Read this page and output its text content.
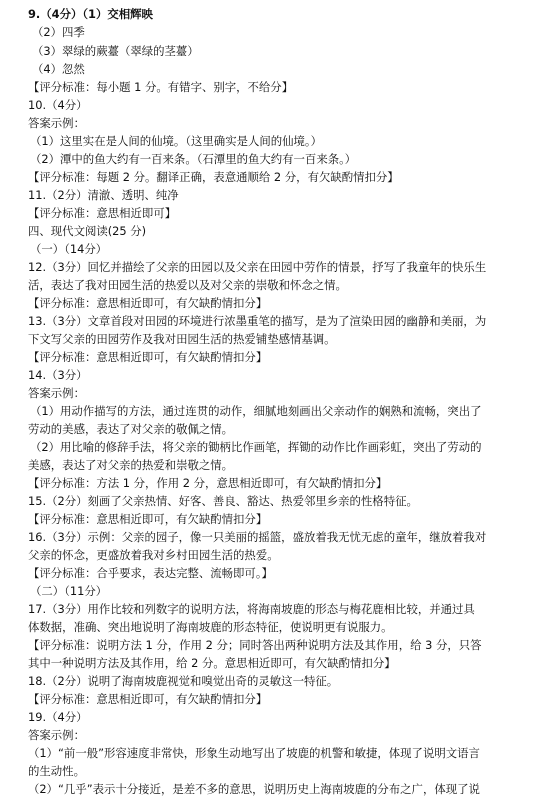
9.（4分）（1）交相辉映
（2）四季
（3）翠绿的蕨薹（翠绿的茎薹）
（4）忽然
【评分标准：每小题 1 分。有错字、别字，不给分】
10.（4分）
答案示例：
（1）这里实在是人间的仙境。（这里确实是人间的仙境。）
（2）潭中的鱼大约有一百来条。（石潭里的鱼大约有一百来条。）
【评分标准：每题 2 分。翻译正确，表意通顺给 2 分，有欠缺酌情扣分】
11.（2分）清澈、透明、纯净
【评分标准：意思相近即可】
四、现代文阅读(25 分)
（一）（14分）
12.（3分）回忆并描绘了父亲的田园以及父亲在田园中劳作的情景，抒写了我童年的快乐生
活，表达了我对田园生活的热爱以及对父亲的崇敬和怀念之情。
【评分标准：意思相近即可，有欠缺酌情扣分】
13.（3分）文章首段对田园的环境进行浓墨重笔的描写，是为了渲染田园的幽静和美丽，为
下文写父亲的田园劳作及我对田园生活的热爱铺垫感情基调。
【评分标准：意思相近即可，有欠缺酌情扣分】
14.（3分）
答案示例：
（1）用动作描写的方法，通过连贯的动作，细腻地刻画出父亲动作的娴熟和流畅，突出了
劳动的美感，表达了对父亲的敬佩之情。
（2）用比喻的修辞手法，将父亲的锄柄比作画笔，挥锄的动作比作画彩虹，突出了劳动的
美感，表达了对父亲的热爱和崇敬之情。
【评分标准：方法 1 分，作用 2 分，意思相近即可，有欠缺酌情扣分】
15.（2分）刻画了父亲热情、好客、善良、豁达、热爱邻里乡亲的性格特征。
【评分标准：意思相近即可，有欠缺酌情扣分】
16.（3分）示例：父亲的园子，像一只美丽的摇篮，盛放着我无忧无虑的童年，继放着我对
父亲的怀念，更盛放着我对乡村田园生活的热爱。
【评分标准：合乎要求，表达完整、流畅即可。】
（二）（11分）
17.（3分）用作比较和列数字的说明方法，将海南坡鹿的形态与梅花鹿相比较，并通过具
体数据，准确、突出地说明了海南坡鹿的形态特征，使说明更有说服力。
【评分标准：说明方法 1 分，作用 2 分；同时答出两种说明方法及其作用，给 3 分，只答
其中一种说明方法及其作用，给 2 分。意思相近即可，有欠缺酌情扣分】
18.（2分）说明了海南坡鹿视觉和嗅觉出奇的灵敏这一特征。
【评分标准：意思相近即可，有欠缺酌情扣分】
19.（4分）
答案示例：
（1）“前一般”形容速度非常快，形象生动地写出了坡鹿的机警和敏捷，体现了说明文语言
的生动性。
（2）“几乎”表示十分接近，是差不多的意思，说明历史上海南坡鹿的分布之广，体现了说
